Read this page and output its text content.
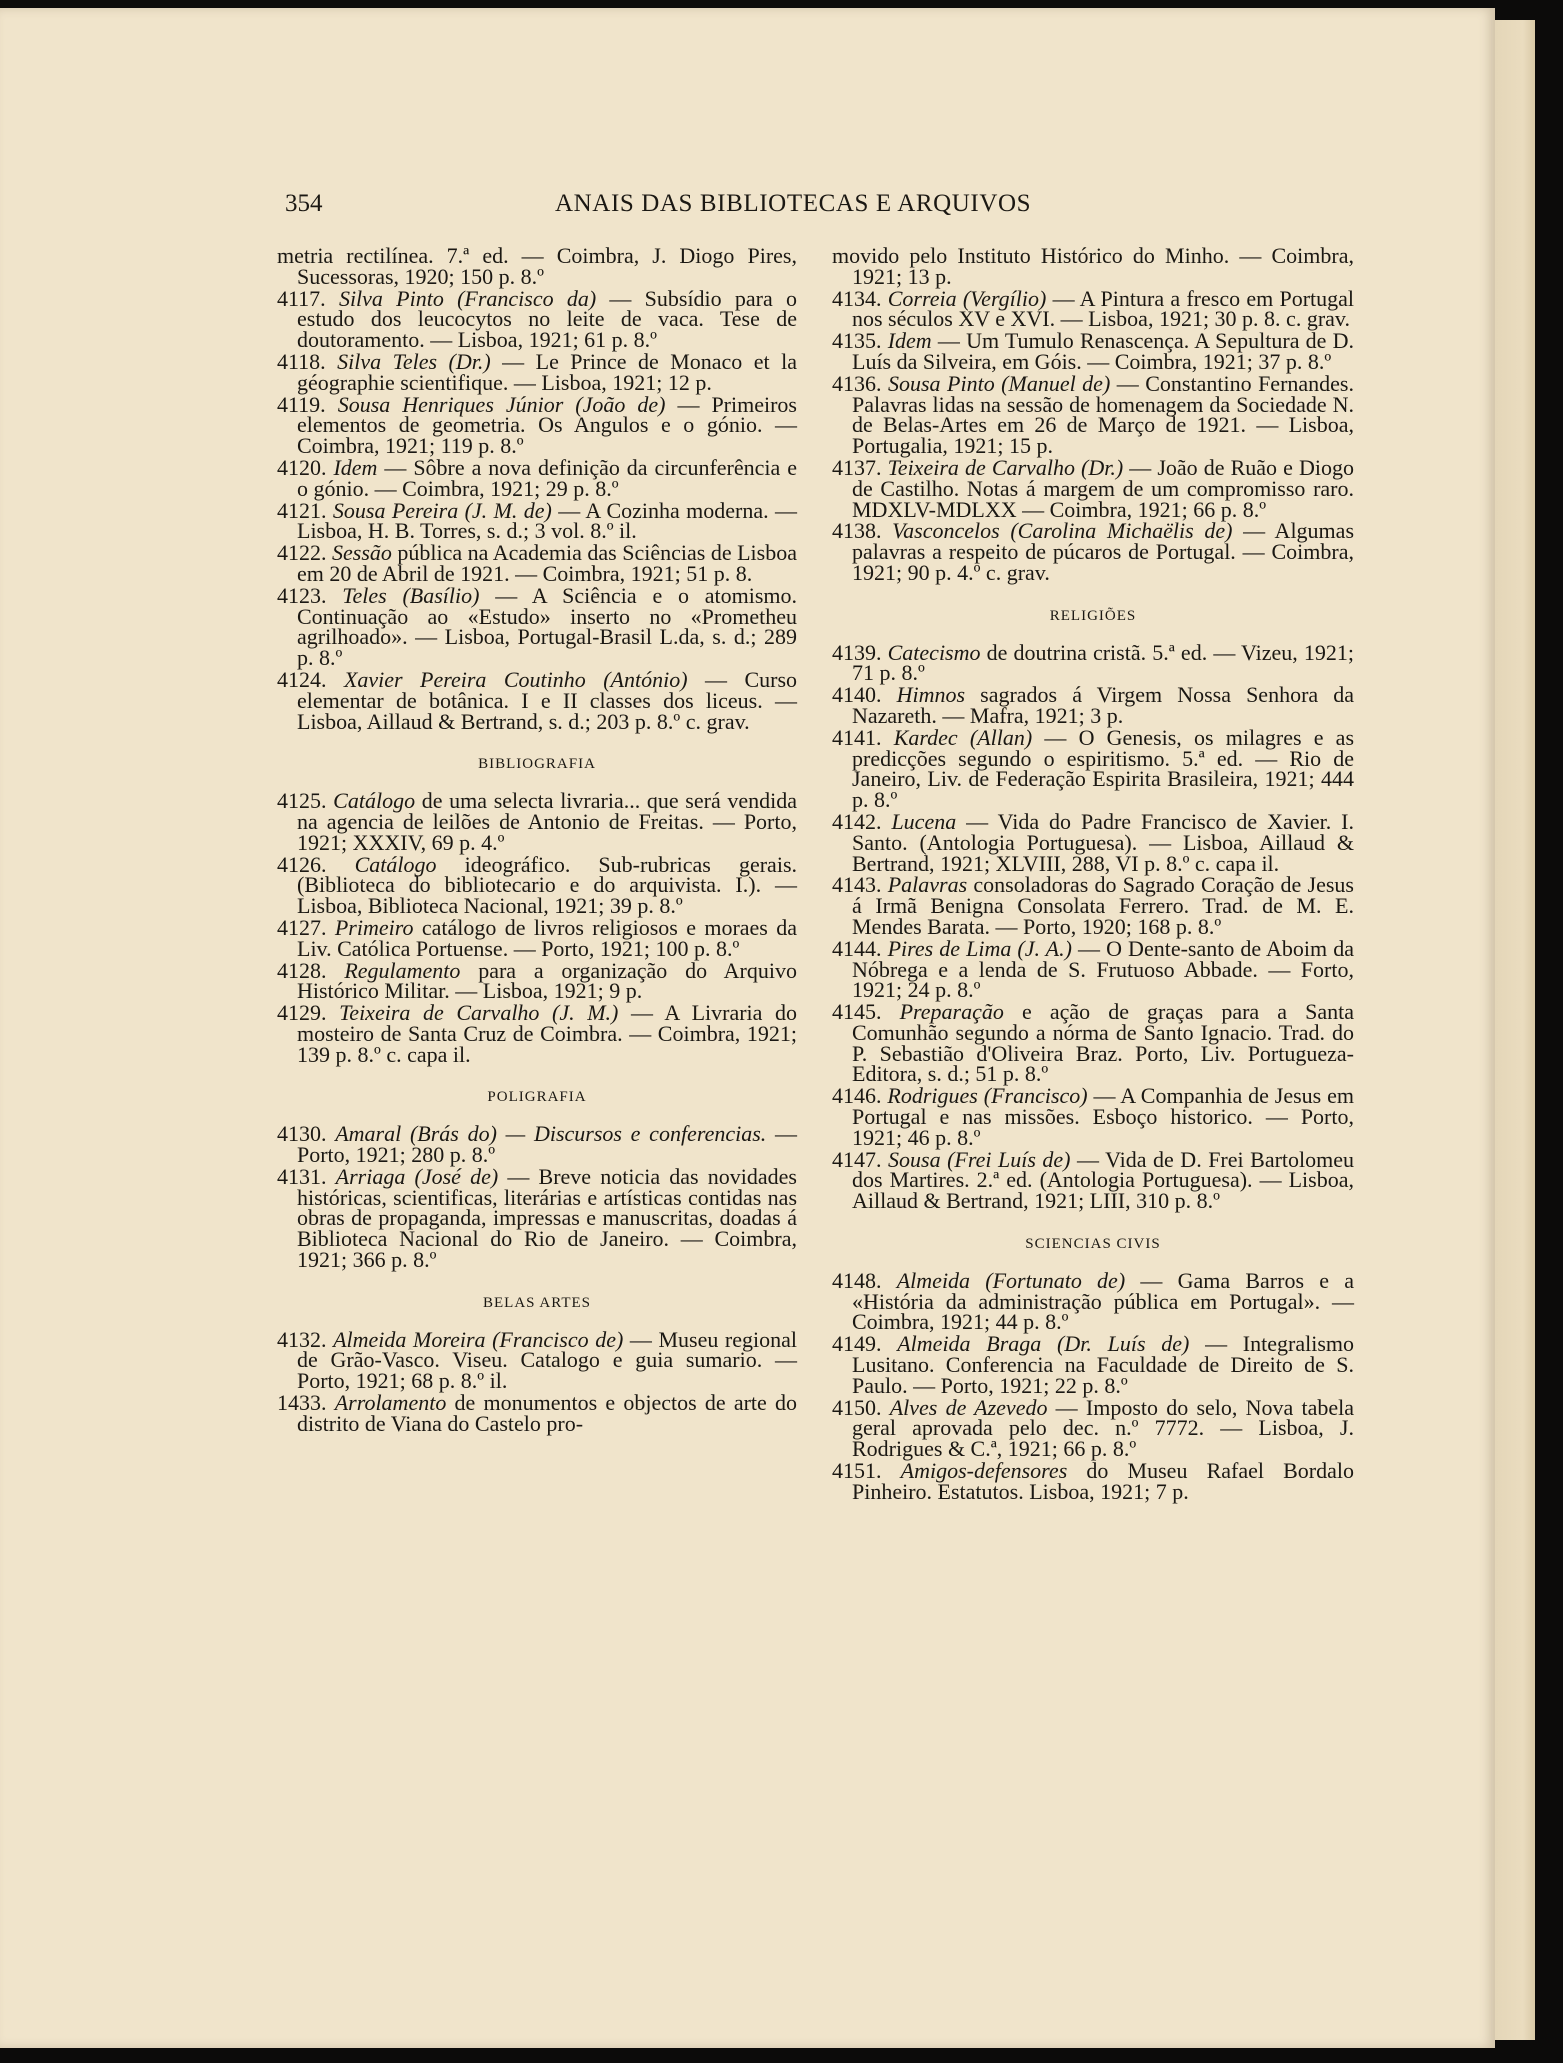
354	ANAIS DAS BIBLIOTECAS E ARQUIVOS
metria rectilínea. 7.ª ed. — Coimbra, J. Diogo Pires, Sucessoras, 1920; 150 p. 8.º
4117. Silva Pinto (Francisco da) — Subsídio para o estudo dos leucocytos no leite de vaca. Tese de doutoramento. — Lisboa, 1921; 61 p. 8.º
4118. Silva Teles (Dr.) — Le Prince de Monaco et la géographie scientifique. — Lisboa, 1921; 12 p.
4119. Sousa Henriques Júnior (João de) — Primeiros elementos de geometria. Os Angulos e o gónio. — Coimbra, 1921; 119 p. 8.º
4120. Idem — Sôbre a nova definição da circunferência e o gónio. — Coimbra, 1921; 29 p. 8.º
4121. Sousa Pereira (J. M. de) — A Cozinha moderna. — Lisboa, H. B. Torres, s. d.; 3 vol. 8.º il.
4122. Sessão pública na Academia das Sciências de Lisboa em 20 de Abril de 1921. — Coimbra, 1921; 51 p. 8.
4123. Teles (Basílio) — A Sciência e o atomismo. Continuação ao «Estudo» inserto no «Prometheu agrilhoado». — Lisboa, Portugal-Brasil L.da, s. d.; 289 p. 8.º
4124. Xavier Pereira Coutinho (António) — Curso elementar de botânica. I e II classes dos liceus. — Lisboa, Aillaud & Bertrand, s. d.; 203 p. 8.º c. grav.
BIBLIOGRAFIA
4125. Catálogo de uma selecta livraria... que será vendida na agencia de leilões de Antonio de Freitas. — Porto, 1921; XXXIV, 69 p. 4.º
4126. Catálogo ideográfico. Sub-rubricas gerais. (Biblioteca do bibliotecario e do arquivista. I.). — Lisboa, Biblioteca Nacional, 1921; 39 p. 8.º
4127. Primeiro catálogo de livros religiosos e moraes da Liv. Católica Portuense. — Porto, 1921; 100 p. 8.º
4128. Regulamento para a organização do Arquivo Histórico Militar. — Lisboa, 1921; 9 p.
4129. Teixeira de Carvalho (J. M.) — A Livraria do mosteiro de Santa Cruz de Coimbra. — Coimbra, 1921; 139 p. 8.º c. capa il.
POLIGRAFIA
4130. Amaral (Brás do) — Discursos e conferencias. — Porto, 1921; 280 p. 8.º
4131. Arriaga (José de) — Breve noticia das novidades históricas, scientificas, literárias e artísticas contidas nas obras de propaganda, impressas e manuscritas, doadas á Biblioteca Nacional do Rio de Janeiro. — Coimbra, 1921; 366 p. 8.º
BELAS ARTES
4132. Almeida Moreira (Francisco de) — Museu regional de Grão-Vasco. Viseu. Catalogo e guia sumario. — Porto, 1921; 68 p. 8.º il.
1433. Arrolamento de monumentos e objectos de arte do distrito de Viana do Castelo pro-
movido pelo Instituto Histórico do Minho. — Coimbra, 1921; 13 p.
4134. Correia (Vergílio) — A Pintura a fresco em Portugal nos séculos XV e XVI. — Lisboa, 1921; 30 p. 8. c. grav.
4135. Idem — Um Tumulo Renascença. A Sepultura de D. Luís da Silveira, em Góis. — Coimbra, 1921; 37 p. 8.º
4136. Sousa Pinto (Manuel de) — Constantino Fernandes. Palavras lidas na sessão de homenagem da Sociedade N. de Belas-Artes em 26 de Março de 1921. — Lisboa, Portugalia, 1921; 15 p.
4137. Teixeira de Carvalho (Dr.) — João de Ruão e Diogo de Castilho. Notas á margem de um compromisso raro. MDXLV-MDLXX — Coimbra, 1921; 66 p. 8.º
4138. Vasconcelos (Carolina Michaëlis de) — Algumas palavras a respeito de púcaros de Portugal. — Coimbra, 1921; 90 p. 4.º c. grav.
RELIGIÕES
4139. Catecismo de doutrina cristã. 5.ª ed. — Vizeu, 1921; 71 p. 8.º
4140. Himnos sagrados á Virgem Nossa Senhora da Nazareth. — Mafra, 1921; 3 p.
4141. Kardec (Allan) — O Genesis, os milagres e as predicções segundo o espiritismo. 5.ª ed. — Rio de Janeiro, Liv. de Federação Espirita Brasileira, 1921; 444 p. 8.º
4142. Lucena — Vida do Padre Francisco de Xavier. I. Santo. (Antologia Portuguesa). — Lisboa, Aillaud & Bertrand, 1921; XLVIII, 288, VI p. 8.º c. capa il.
4143. Palavras consoladoras do Sagrado Coração de Jesus á Irmã Benigna Consolata Ferrero. Trad. de M. E. Mendes Barata. — Porto, 1920; 168 p. 8.º
4144. Pires de Lima (J. A.) — O Dente-santo de Aboim da Nóbrega e a lenda de S. Frutuoso Abbade. — Forto, 1921; 24 p. 8.º
4145. Preparação e ação de graças para a Santa Comunhão segundo a nórma de Santo Ignacio. Trad. do P. Sebastião d'Oliveira Braz. Porto, Liv. Portugueza-Editora, s. d.; 51 p. 8.º
4146. Rodrigues (Francisco) — A Companhia de Jesus em Portugal e nas missões. Esboço historico. — Porto, 1921; 46 p. 8.º
4147. Sousa (Frei Luís de) — Vida de D. Frei Bartolomeu dos Martires. 2.ª ed. (Antologia Portuguesa). — Lisboa, Aillaud & Bertrand, 1921; LIII, 310 p. 8.º
SCIENCIAS CIVIS
4148. Almeida (Fortunato de) — Gama Barros e a «História da administração pública em Portugal». — Coimbra, 1921; 44 p. 8.º
4149. Almeida Braga (Dr. Luís de) — Integralismo Lusitano. Conferencia na Faculdade de Direito de S. Paulo. — Porto, 1921; 22 p. 8.º
4150. Alves de Azevedo — Imposto do selo, Nova tabela geral aprovada pelo dec. n.º 7772. — Lisboa, J. Rodrigues & C.ª, 1921; 66 p. 8.º
4151. Amigos-defensores do Museu Rafael Bordalo Pinheiro. Estatutos. Lisboa, 1921; 7 p.
